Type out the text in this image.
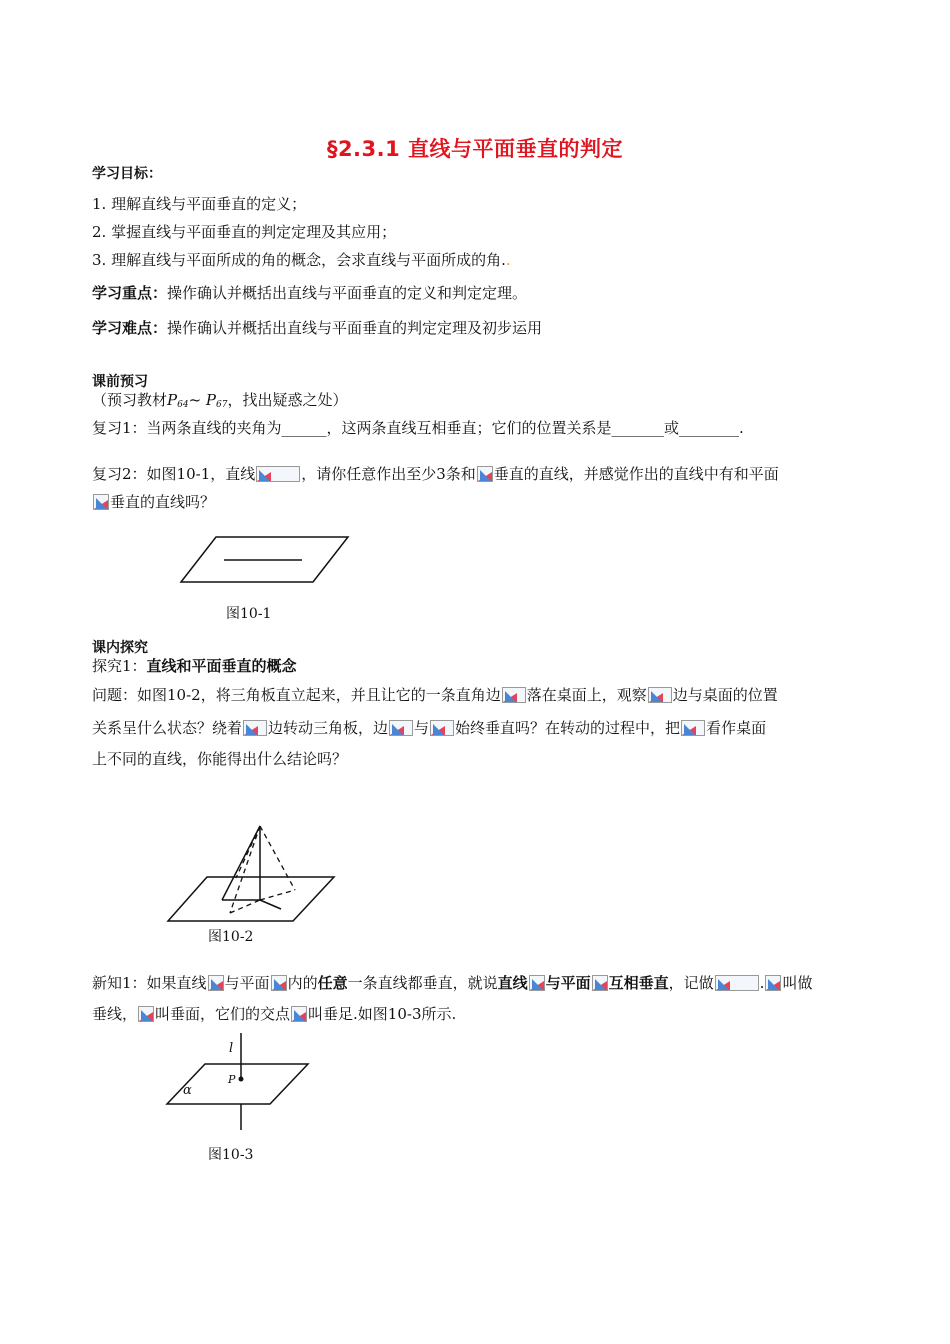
§2.3.1 直线与平面垂直的判定
学习目标：
1. 理解直线与平面垂直的定义；
2. 掌握直线与平面垂直的判定定理及其应用；
3. 理解直线与平面所成的角的概念，会求直线与平面所成的角..
学习重点：操作确认并概括出直线与平面垂直的定义和判定定理。
学习难点：操作确认并概括出直线与平面垂直的判定定理及初步运用
课前预习
（预习教材$P_{64}\sim$ $P_{67}$，找出疑惑之处）
复习1：当两条直线的夹角为______，这两条直线互相垂直；它们的位置关系是_______或________.
复习2：如图10-1，直线	，请你任意作出至少3条和 垂直的直线，并感觉作出的直线中有和平面
垂直的直线吗？
图10-1
课内探究
探究1：直线和平面垂直的概念
问题：如图10-2，将三角板直立起来，并且让它的一条直角边 落在桌面上，观察 边与桌面的位置
关系呈什么状态？绕着 边转动三角板，边 与 始终垂直吗？在转动的过程中，把 看作桌面
上不同的直线，你能得出什么结论吗？
图10-2
新知1：如果直线 与平面 内的任意一条直线都垂直，就说直线 与平面 互相垂直，记做	. 叫做
垂线， 叫垂面，它们的交点 叫垂足.如图10-3所示.
l
P
α
图10-3
